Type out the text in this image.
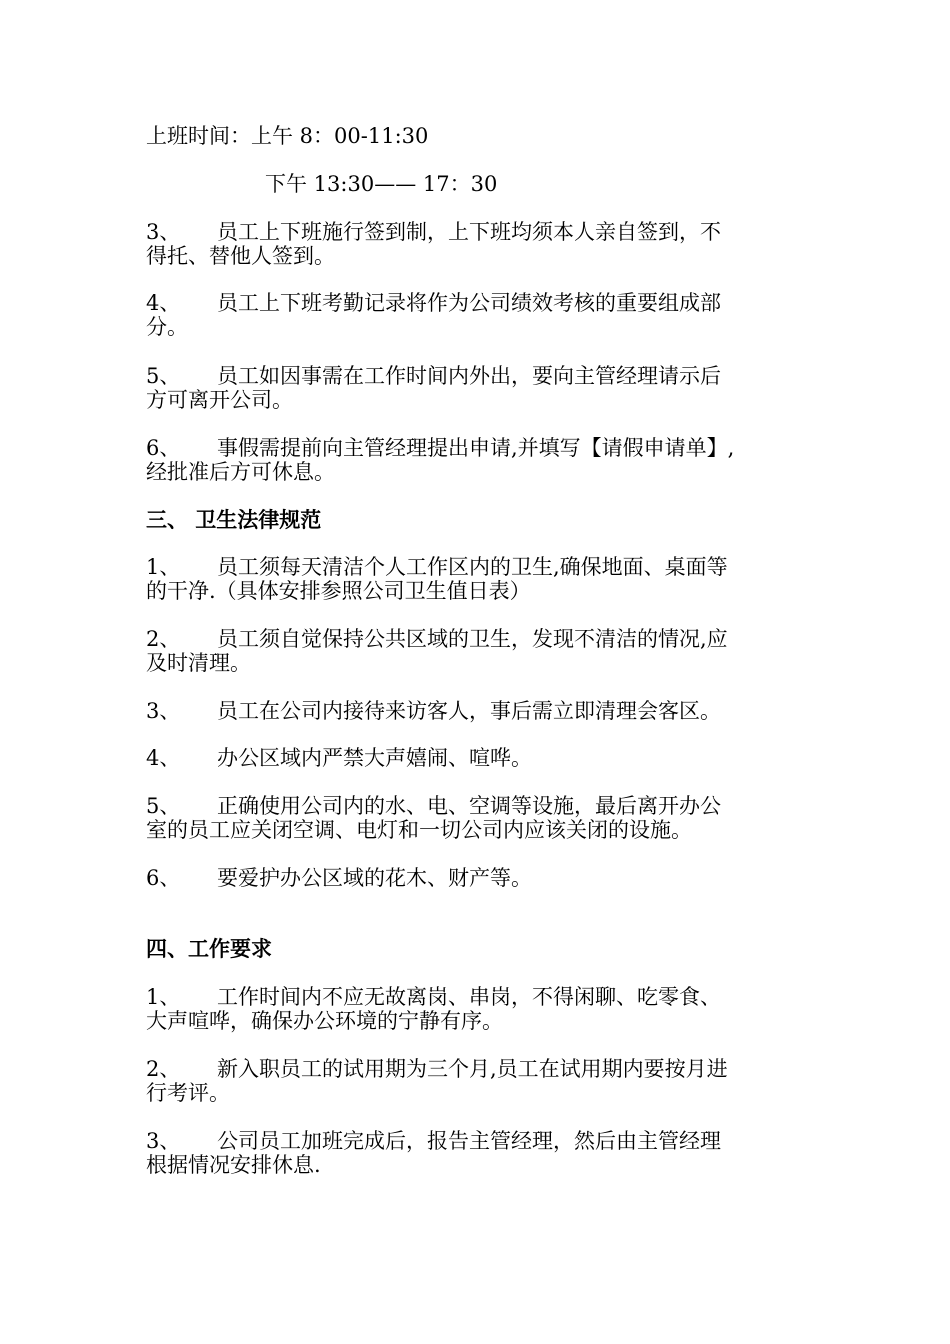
上班时间：上午 8：00-11:30
下午 13:30—— 17：30
3、 员工上下班施行签到制，上下班均须本人亲自签到，不
得托、替他人签到。
4、 员工上下班考勤记录将作为公司绩效考核的重要组成部
分。
5、 员工如因事需在工作时间内外出，要向主管经理请示后
方可离开公司。
6、 事假需提前向主管经理提出申请,并填写【请假申请单】,
经批准后方可休息。
三、 卫生法律规范
1、 员工须每天清洁个人工作区内的卫生,确保地面、桌面等
的干净.（具体安排参照公司卫生值日表）
2、 员工须自觉保持公共区域的卫生，发现不清洁的情况,应
及时清理。
3、 员工在公司内接待来访客人，事后需立即清理会客区。
4、 办公区域内严禁大声嬉闹、喧哗。
5、 正确使用公司内的水、电、空调等设施，最后离开办公
室的员工应关闭空调、电灯和一切公司内应该关闭的设施。
6、 要爱护办公区域的花木、财产等。
四、工作要求
1、 工作时间内不应无故离岗、串岗，不得闲聊、吃零食、
大声喧哗，确保办公环境的宁静有序。
2、 新入职员工的试用期为三个月,员工在试用期内要按月进
行考评。
3、 公司员工加班完成后，报告主管经理，然后由主管经理
根据情况安排休息.
